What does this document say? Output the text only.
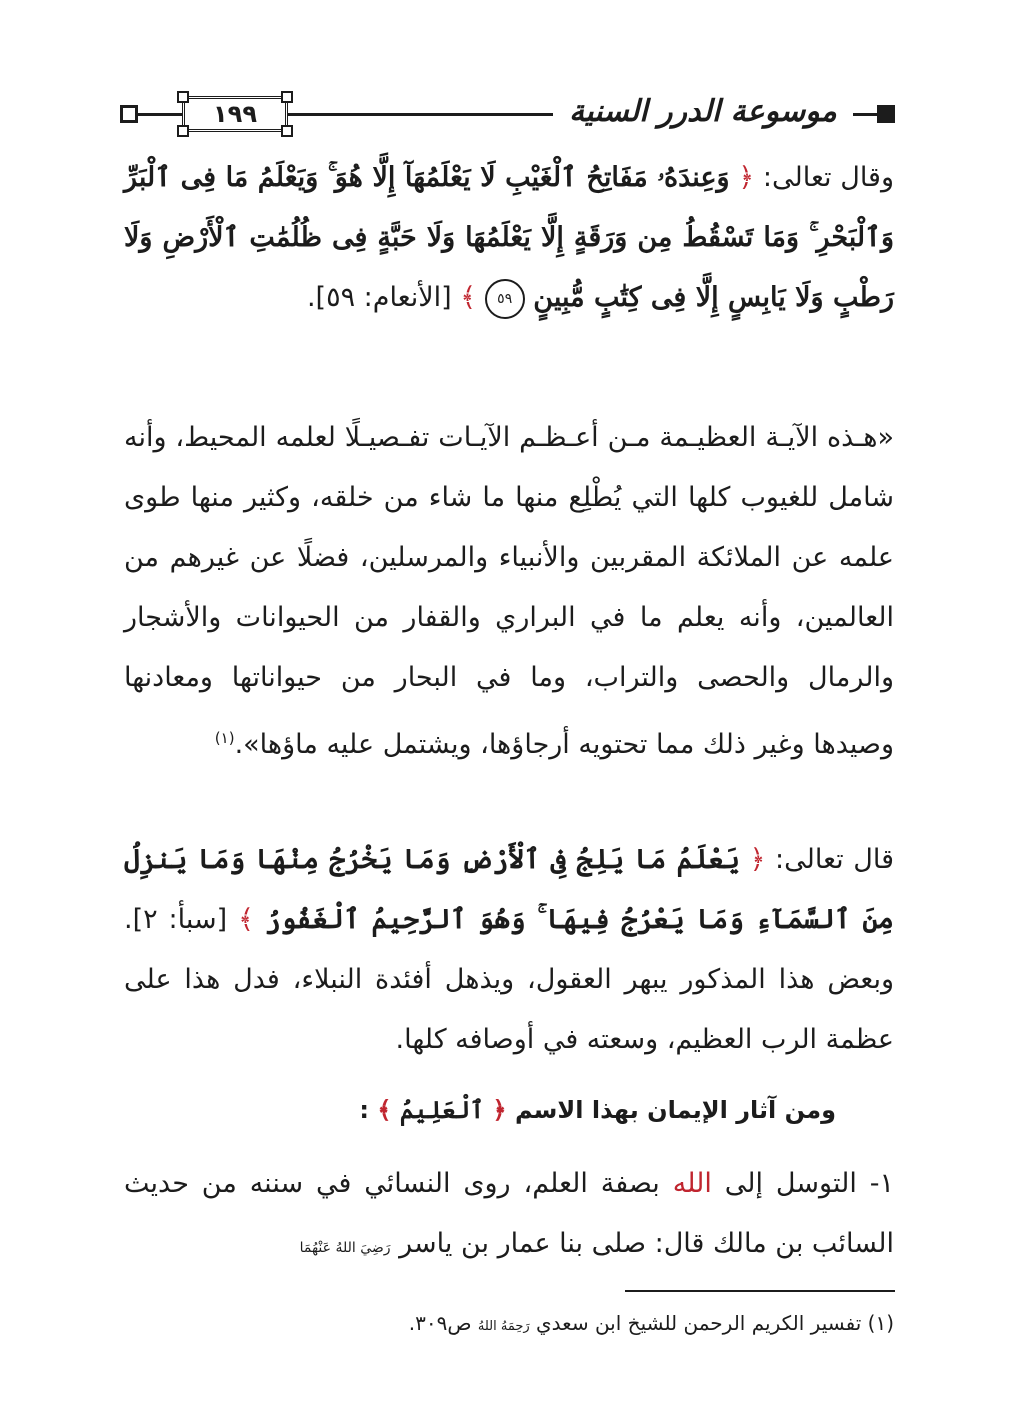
١٩٩	موسوعة الدرر السنية
وقال تعالى: ﴿ وَعِندَهُۥ مَفَاتِحُ ٱلْغَيْبِ لَا يَعْلَمُهَآ إِلَّا هُوَ ۚ وَيَعْلَمُ مَا فِى ٱلْبَرِّ وَٱلْبَحْرِ ۚ وَمَا تَسْقُطُ مِن وَرَقَةٍ إِلَّا يَعْلَمُهَا وَلَا حَبَّةٍ فِى ظُلُمَٰتِ ٱلْأَرْضِ وَلَا رَطْبٍ وَلَا يَابِسٍ إِلَّا فِى كِتَٰبٍ مُّبِينٍ ٥٩ ﴾ [الأنعام: ٥٩].
«هـذه الآيـة العظيـمة مـن أعـظـم الآيـات تفـصيـلًا لعلمه المحيط، وأنه شامل للغيوب كلها التي يُطْلِع منها ما شاء من خلقه، وكثير منها طوى علمه عن الملائكة المقربين والأنبياء والمرسلين، فضلًا عن غيرهم من العالمين، وأنه يعلم ما في البراري والقفار من الحيوانات والأشجار والرمال والحصى والتراب، وما في البحار من حيواناتها ومعادنها وصيدها وغير ذلك مما تحتويه أرجاؤها، ويشتمل عليه ماؤها».$^{(١)}$
قال تعالى: ﴿ يَعْلَمُ مَا يَلِجُ فِى ٱلْأَرْضِ وَمَا يَخْرُجُ مِنْهَا وَمَا يَنزِلُ مِنَ ٱلسَّمَآءِ وَمَا يَعْرُجُ فِيهَا ۚ وَهُوَ ٱلرَّحِيمُ ٱلْغَفُورُ ﴾ [سبأ: ٢]. وبعض هذا المذكور يبهر العقول، ويذهل أفئدة النبلاء، فدل هذا على عظمة الرب العظيم، وسعته في أوصافه كلها.
ومن آثار الإيمان بهذا الاسم ﴿ ٱلْعَلِيمُ ﴾ :
١- التوسل إلى الله بصفة العلم، روى النسائي في سننه من حديث السائب بن مالك قال: صلى بنا عمار بن ياسر رَضِيَ اللهُ عَنْهُمَا
(١) تفسير الكريم الرحمن للشيخ ابن سعدي رَحِمَهُ اللهُ ص٣٠٩.
